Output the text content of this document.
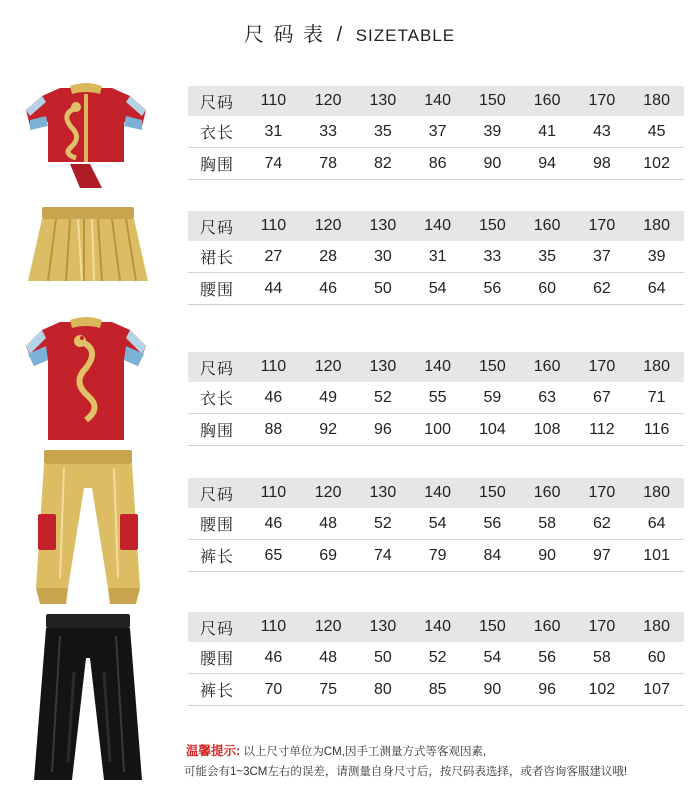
尺 码 表 / SIZETABLE
尺码	110	120	130	140	150	160	170	180
衣长	31	33	35	37	39	41	43	45
胸围	74	78	82	86	90	94	98	102
尺码	110	120	130	140	150	160	170	180
裙长	27	28	30	31	33	35	37	39
腰围	44	46	50	54	56	60	62	64
尺码	110	120	130	140	150	160	170	180
衣长	46	49	52	55	59	63	67	71
胸围	88	92	96	100	104	108	112	116
尺码	110	120	130	140	150	160	170	180
腰围	46	48	52	54	56	58	62	64
裤长	65	69	74	79	84	90	97	101
尺码	110	120	130	140	150	160	170	180
腰围	46	48	50	52	54	56	58	60
裤长	70	75	80	85	90	96	102	107
温馨提示: 以上尺寸单位为CM,因手工测量方式等客观因素,
可能会有1~3CM左右的误差，请测量自身尺寸后，按尺码表选择，或者咨询客服建议哦!
